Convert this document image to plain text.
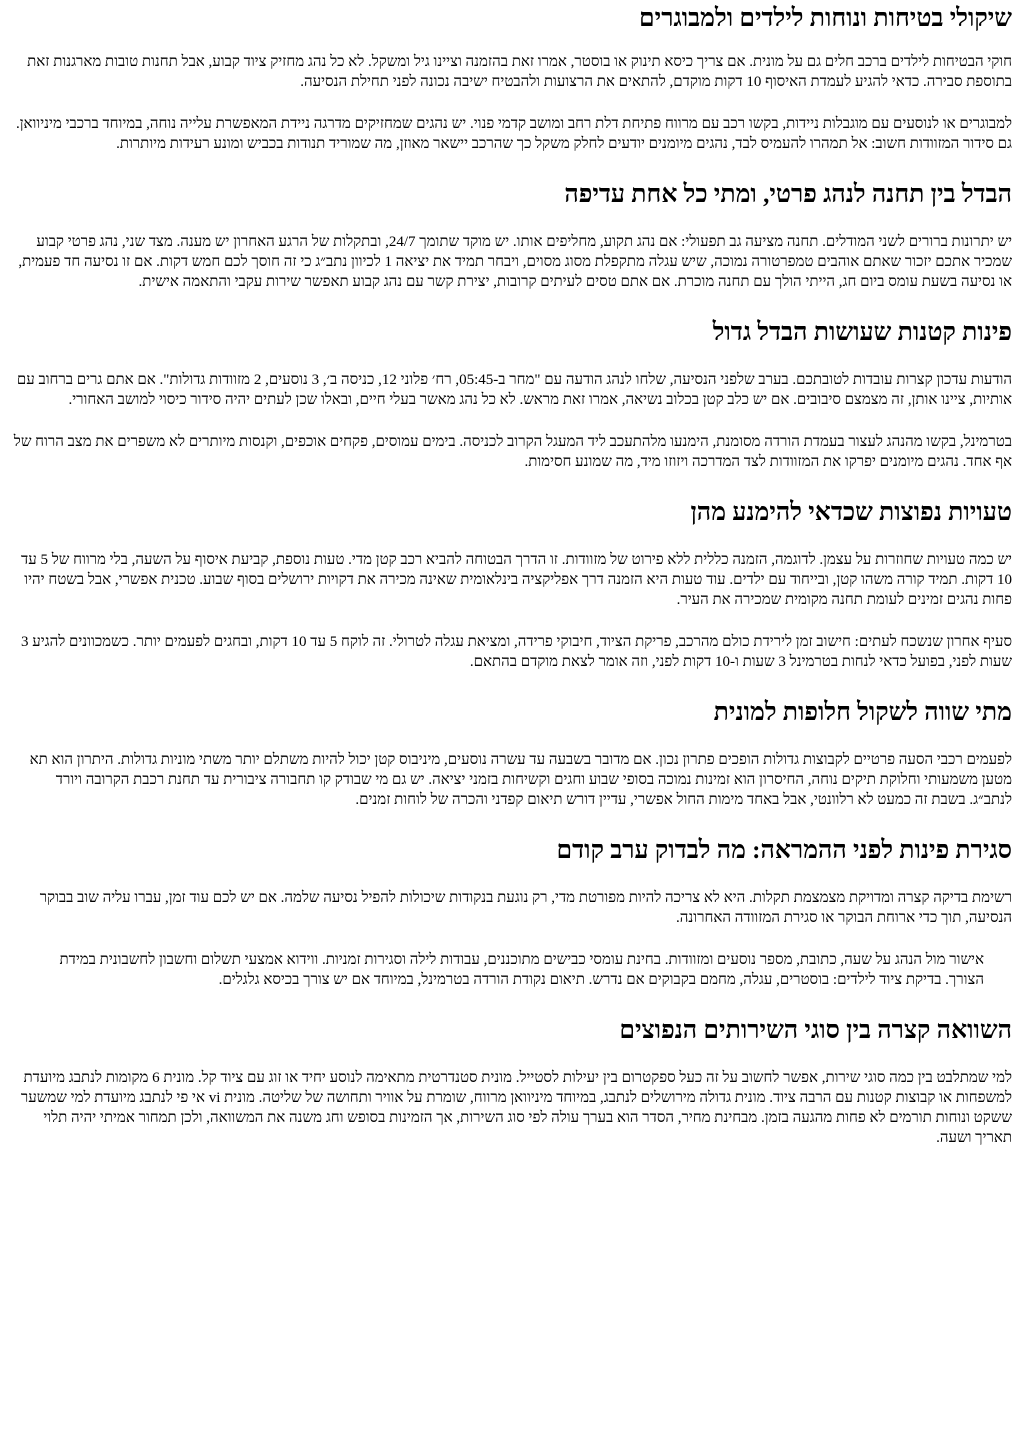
שיקולי בטיחות ונוחות לילדים ולמבוגרים

חוקי הבטיחות לילדים ברכב חלים גם על מונית. אם צריך כיסא תינוק או בוסטר, אמרו זאת בהזמנה וציינו גיל ומשקל. לא כל נהג מחזיק ציוד קבוע, אבל תחנות טובות מארגנות זאת בתוספת סבירה. כדאי להגיע לעמדת האיסוף 10 דקות מוקדם, להתאים את הרצועות ולהבטיח ישיבה נכונה לפני תחילת הנסיעה.

למבוגרים או לנוסעים עם מוגבלות ניידות, בקשו רכב עם מרווח פתיחת דלת רחב ומושב קדמי פנוי. יש נהגים שמחזיקים מדרגה ניידת המאפשרת עלייה נוחה, במיוחד ברכבי מיניוואן. גם סידור המזוודות חשוב: אל תמהרו להעמיס לבד, נהגים מיומנים יודעים לחלק משקל כך שהרכב יישאר מאוזן, מה שמוריד תנודות בכביש ומונע רעידות מיותרות.

הבדל בין תחנה לנהג פרטי, ומתי כל אחת עדיפה

יש יתרונות ברורים לשני המודלים. תחנה מציעה גב תפעולי: אם נהג תקוע, מחליפים אותו. יש מוקד שתומך 24/7, ובתקלות של הרגע האחרון יש מענה. מצד שני, נהג פרטי קבוע שמכיר אתכם יזכור שאתם אוהבים טמפרטורה נמוכה, שיש עגלה מתקפלת מסוג מסוים, ויבחר תמיד את יציאה 1 לכיוון נתב״ג כי זה חוסך לכם חמש דקות. אם זו נסיעה חד פעמית, או נסיעה בשעת עומס ביום חג, הייתי הולך עם תחנה מוכרת. אם אתם טסים לעיתים קרובות, יצירת קשר עם נהג קבוע תאפשר שירות עקבי והתאמה אישית.

פינות קטנות שעושות הבדל גדול

הודעות עדכון קצרות עובדות לטובתכם. בערב שלפני הנסיעה, שלחו לנהג הודעה עם "מחר ב-05:45, רח׳ פלוני 12, כניסה ב׳, 3 נוסעים, 2 מזוודות גדולות". אם אתם גרים ברחוב עם אותיות, ציינו אותן, זה מצמצם סיבובים. אם יש כלב קטן בכלוב נשיאה, אמרו זאת מראש. לא כל נהג מאשר בעלי חיים, ובאלו שכן לעתים יהיה סידור כיסוי למושב האחורי.

בטרמינל, בקשו מהנהג לעצור בעמדת הורדה מסומנת, הימנעו מלהתעכב ליד המעגל הקרוב לכניסה. בימים עמוסים, פקחים אוכפים, וקנסות מיותרים לא משפרים את מצב הרוח של אף אחד. נהגים מיומנים יפרקו את המזוודות לצד המדרכה ויזוזו מיד, מה שמונע חסימות.

טעויות נפוצות שכדאי להימנע מהן

יש כמה טעויות שחוזרות על עצמן. לדוגמה, הזמנה כללית ללא פירוט של מזוודות. זו הדרך הבטוחה להביא רכב קטן מדי. טעות נוספת, קביעת איסוף על השעה, בלי מרווח של 5 עד 10 דקות. תמיד קורה משהו קטן, ובייחוד עם ילדים. עוד טעות היא הזמנה דרך אפליקציה בינלאומית שאינה מכירה את דקויות ירושלים בסוף שבוע. טכנית אפשרי, אבל בשטח יהיו פחות נהגים זמינים לעומת תחנה מקומית שמכירה את העיר.

סעיף אחרון שנשכח לעתים: חישוב זמן לירידת כולם מהרכב, פריקת הציוד, חיבוקי פרידה, ומציאת עגלה לטרולי. זה לוקח 5 עד 10 דקות, ובחגים לפעמים יותר. כשמכוונים להגיע 3 שעות לפני, בפועל כדאי לנחות בטרמינל 3 שעות ו-10 דקות לפני, וזה אומר לצאת מוקדם בהתאם.

מתי שווה לשקול חלופות למונית

לפעמים רכבי הסעה פרטיים לקבוצות גדולות הופכים פתרון נכון. אם מדובר בשבעה עד עשרה נוסעים, מיניבוס קטן יכול להיות משתלם יותר משתי מוניות גדולות. היתרון הוא תא מטען משמעותי וחלוקת תיקים נוחה, החיסרון הוא זמינות נמוכה בסופי שבוע וחגים וקשיחות בזמני יציאה. יש גם מי שבודק קו תחבורה ציבורית עד תחנת רכבת הקרובה ויורד לנתב״ג. בשבת זה כמעט לא רלוונטי, אבל באחד מימות החול אפשרי, עדיין דורש תיאום קפדני והכרה של לוחות זמנים.

סגירת פינות לפני ההמראה: מה לבדוק ערב קודם

רשימת בדיקה קצרה ומדויקת מצמצמת תקלות. היא לא צריכה להיות מפורטת מדי, רק נוגעת בנקודות שיכולות להפיל נסיעה שלמה. אם יש לכם עוד זמן, עברו עליה שוב בבוקר הנסיעה, תוך כדי ארוחת הבוקר או סגירת המזוודה האחרונה.

אישור מול הנהג על שעה, כתובת, מספר נוסעים ומזוודות. בחינת עומסי כבישים מתוכננים, עבודות לילה וסגירות זמניות. ווידוא אמצעי תשלום וחשבון לחשבונית במידת הצורך. בדיקת ציוד לילדים: בוסטרים, עגלה, מחמם בקבוקים אם נדרש. תיאום נקודת הורדה בטרמינל, במיוחד אם יש צורך בכיסא גלגלים.
השוואה קצרה בין סוגי השירותים הנפוצים

למי שמתלבט בין כמה סוגי שירות, אפשר לחשוב על זה כעל ספקטרום בין יעילות לסטייל. מונית סטנדרטית מתאימה לנוסע יחיד או זוג עם ציוד קל. מונית 6 מקומות לנתבג מיועדת למשפחות או קבוצות קטנות עם הרבה ציוד. מונית גדולה מירושלים לנתבג, במיוחד מיניוואן מרווח, שומרת על אוויר ותחושה של שליטה. מונית vi אי פי לנתבג מיועדת למי שמשער ששקט ונוחות תורמים לא פחות מהגעה בזמן. מבחינת מחיר, הסדר הוא בערך עולה לפי סוג השירות, אך הזמינות בסופש וחג משנה את המשוואה, ולכן תמחור אמיתי יהיה תלוי תאריך ושעה.
